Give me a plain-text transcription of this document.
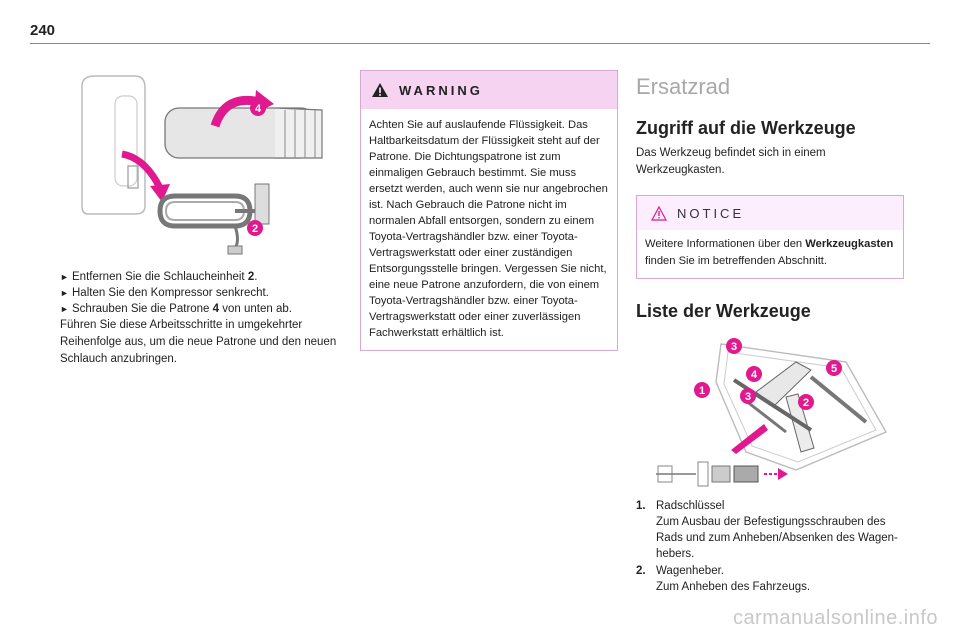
240
4
2
► Entfernen Sie die Schlaucheinheit 2.
► Halten Sie den Kompressor senkrecht.
► Schrauben Sie die Patrone 4 von unten ab.

Führen Sie diese Arbeitsschritte in umgekehrter Reihenfolge aus, um die neue Patrone und den neuen Schlauch anzubringen.

WARNING

Achten Sie auf auslaufende Flüssigkeit. Das Haltbarkeitsdatum der Flüssigkeit steht auf der Patrone. Die Dichtungspatrone ist zum einmaligen Gebrauch bestimmt. Sie muss ersetzt werden, auch wenn sie nur angebrochen ist. Nach Gebrauch die Patrone nicht im normalen Abfall entsorgen, sondern zu einem Toyota-Vertragshändler bzw. einer Toyota-Vertragswerkstatt oder einer zuständigen Entsorgungsstelle bringen. Vergessen Sie nicht, eine neue Patrone anzufordern, die von einem Toyota-Vertragshändler bzw. einer Toyota-Vertragswerkstatt oder einer zuverlässigen Fachwerkstatt erhältlich ist.

Ersatzrad
Zugriff auf die Werkzeuge

Das Werkzeug befindet sich in einem Werkzeugkasten.

NOTICE

Weitere Informationen über den Werkzeugkasten finden Sie im betreffenden Abschnitt.

Liste der Werkzeuge
3
4
1	3
5
2
1. Radschlüssel
Zum Ausbau der Befestigungsschrauben des Rads und zum Anheben/Absenken des Wagenhebers.
2. Wagenheber.
Zum Anheben des Fahrzeugs.
carmanualsonline.info
